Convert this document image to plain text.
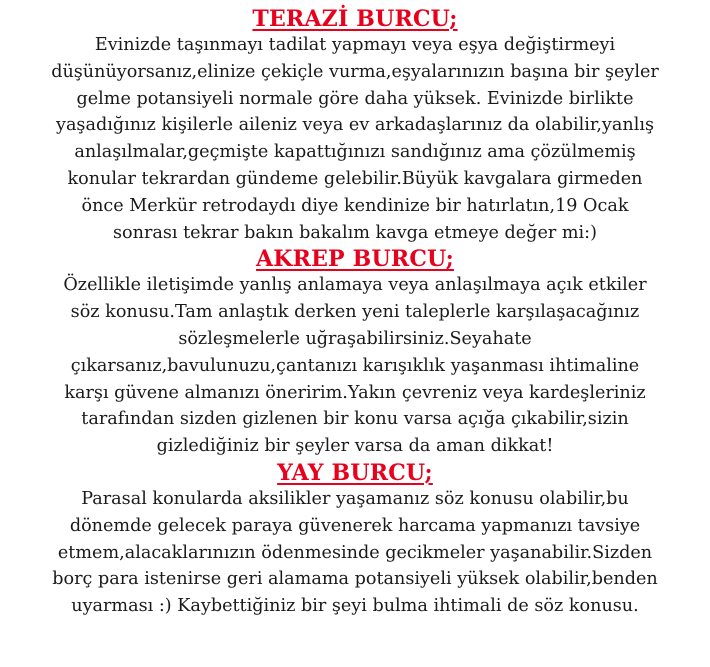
TERAZİ BURCU;

Evinizde taşınmayı tadilat yapmayı veya eşya değiştirmeyi
düşünüyorsanız,elinize çekiçle vurma,eşyalarınızın başına bir şeyler
gelme potansiyeli normale göre daha yüksek. Evinizde birlikte
yaşadığınız kişilerle aileniz veya ev arkadaşlarınız da olabilir,yanlış
anlaşılmalar,geçmişte kapattığınızı sandığınız ama çözülmemiş
konular tekrardan gündeme gelebilir.Büyük kavgalara girmeden
önce Merkür retrodaydı diye kendinize bir hatırlatın,19 Ocak
sonrası tekrar bakın bakalım kavga etmeye değer mi:)

AKREP BURCU;

Özellikle iletişimde yanlış anlamaya veya anlaşılmaya açık etkiler
söz konusu.Tam anlaştık derken yeni taleplerle karşılaşacağınız
sözleşmelerle uğraşabilirsiniz.Seyahate
çıkarsanız,bavulunuzu,çantanızı karışıklık yaşanması ihtimaline
karşı güvene almanızı öneririm.Yakın çevreniz veya kardeşleriniz
tarafından sizden gizlenen bir konu varsa açığa çıkabilir,sizin
gizlediğiniz bir şeyler varsa da aman dikkat!

YAY BURCU;

Parasal konularda aksilikler yaşamanız söz konusu olabilir,bu
dönemde gelecek paraya güvenerek harcama yapmanızı tavsiye
etmem,alacaklarınızın ödenmesinde gecikmeler yaşanabilir.Sizden
borç para istenirse geri alamama potansiyeli yüksek olabilir,benden
uyarması :) Kaybettiğiniz bir şeyi bulma ihtimali de söz konusu.
